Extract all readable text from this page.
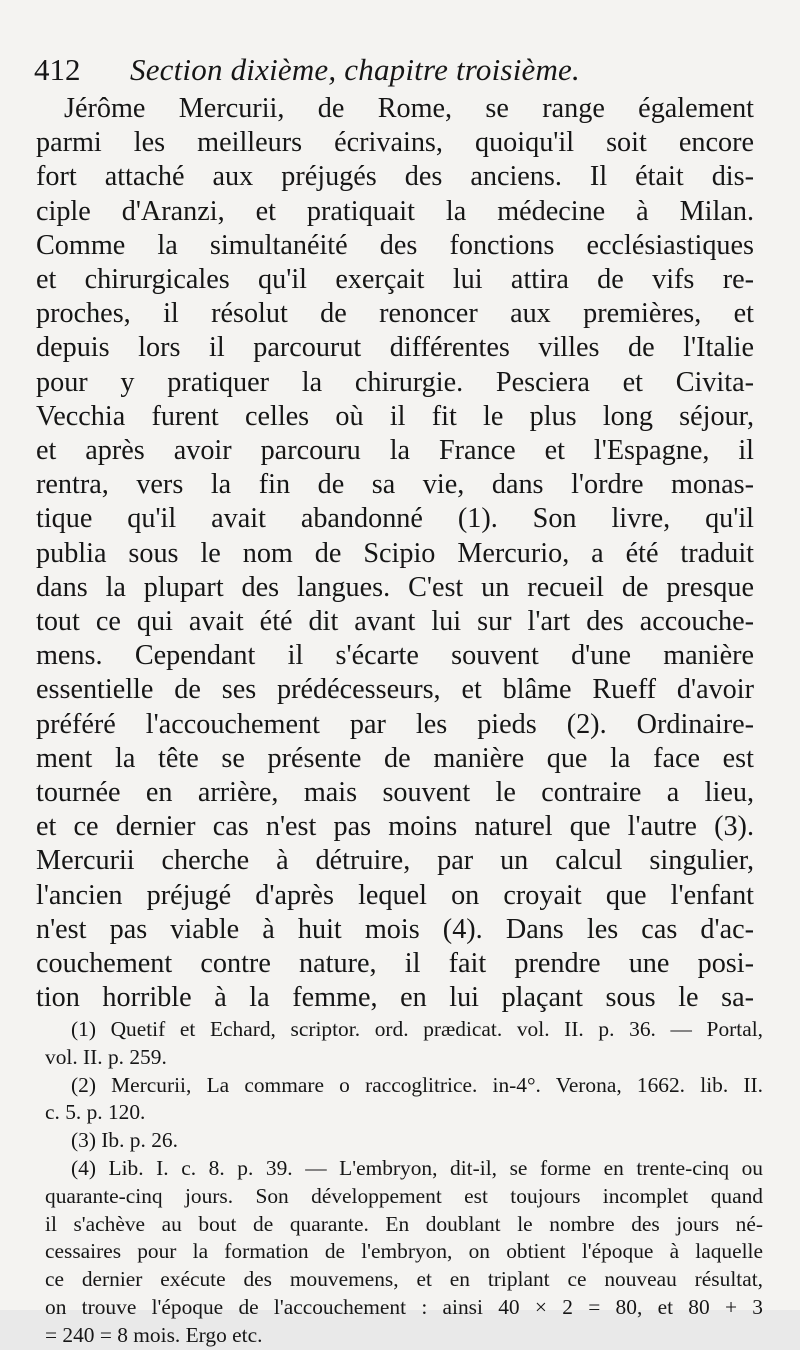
412 Section dixième, chapitre troisième.
Jérôme Mercurii, de Rome, se range également
parmi les meilleurs écrivains, quoiqu'il soit encore
fort attaché aux préjugés des anciens. Il était dis-
ciple d'Aranzi, et pratiquait la médecine à Milan.
Comme la simultanéité des fonctions ecclésiastiques
et chirurgicales qu'il exerçait lui attira de vifs re-
proches, il résolut de renoncer aux premières, et
depuis lors il parcourut différentes villes de l'Italie
pour y pratiquer la chirurgie. Pesciera et Civita-
Vecchia furent celles où il fit le plus long séjour,
et après avoir parcouru la France et l'Espagne, il
rentra, vers la fin de sa vie, dans l'ordre monas-
tique qu'il avait abandonné (1). Son livre, qu'il
publia sous le nom de Scipio Mercurio, a été traduit
dans la plupart des langues. C'est un recueil de presque
tout ce qui avait été dit avant lui sur l'art des accouche-
mens. Cependant il s'écarte souvent d'une manière
essentielle de ses prédécesseurs, et blâme Rueff d'avoir
préféré l'accouchement par les pieds (2). Ordinaire-
ment la tête se présente de manière que la face est
tournée en arrière, mais souvent le contraire a lieu,
et ce dernier cas n'est pas moins naturel que l'autre (3).
Mercurii cherche à détruire, par un calcul singulier,
l'ancien préjugé d'après lequel on croyait que l'enfant
n'est pas viable à huit mois (4). Dans les cas d'ac-
couchement contre nature, il fait prendre une posi-
tion horrible à la femme, en lui plaçant sous le sa-
(1) Quetif et Echard, scriptor. ord. prædicat. vol. II. p. 36. — Portal,
vol. II. p. 259.
(2) Mercurii, La commare o raccoglitrice. in-4°. Verona, 1662. lib. II.
c. 5. p. 120.
(3) Ib. p. 26.
(4) Lib. I. c. 8. p. 39. — L'embryon, dit-il, se forme en trente-cinq ou
quarante-cinq jours. Son développement est toujours incomplet quand
il s'achève au bout de quarante. En doublant le nombre des jours né-
cessaires pour la formation de l'embryon, on obtient l'époque à laquelle
ce dernier exécute des mouvemens, et en triplant ce nouveau résultat,
on trouve l'époque de l'accouchement : ainsi 40 × 2 = 80, et 80 + 3
= 240 = 8 mois. Ergo etc.
